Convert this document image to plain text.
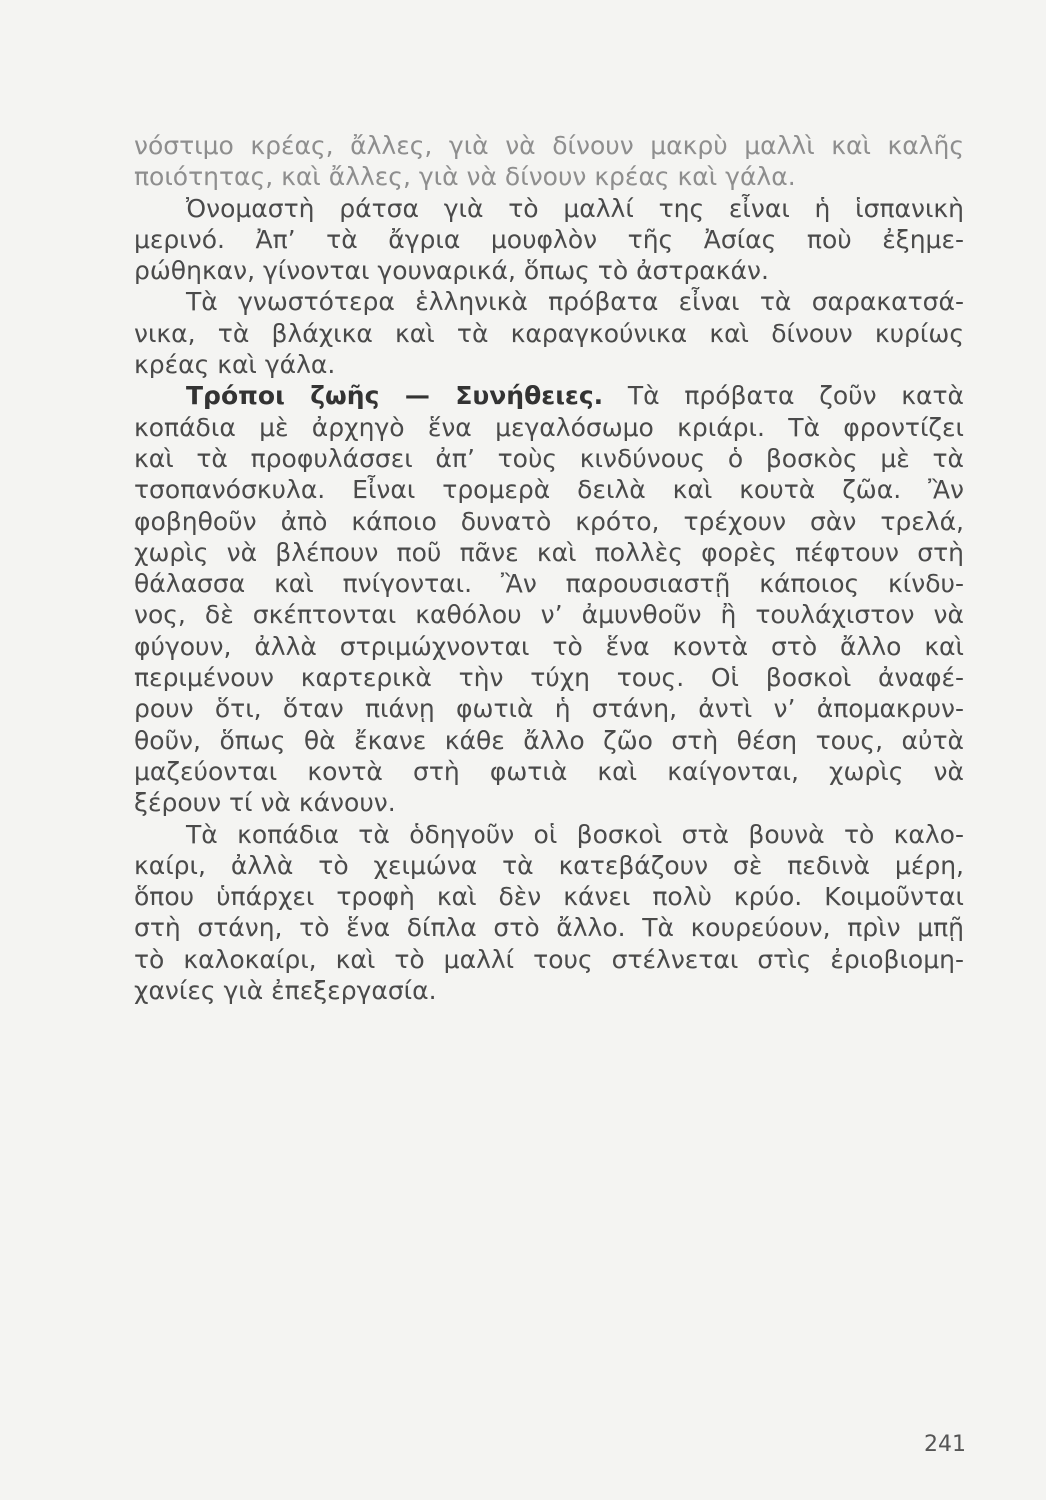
νόστιμο κρέας, ἄλλες, γιὰ νὰ δίνουν μακρὺ μαλλὶ καὶ καλῆς
ποιότητας, καὶ ἄλλες, γιὰ νὰ δίνουν κρέας καὶ γάλα.
Ὀνομαστὴ ράτσα γιὰ τὸ μαλλί της εἶναι ἡ ἱσπανικὴ
μερινό. Ἀπ’ τὰ ἄγρια μουφλὸν τῆς Ἀσίας ποὺ ἐξημε-
ρώθηκαν, γίνονται γουναρικά, ὅπως τὸ ἀστρακάν.
Τὰ γνωστότερα ἑλληνικὰ πρόβατα εἶναι τὰ σαρακατσά-
νικα, τὰ βλάχικα καὶ τὰ καραγκούνικα καὶ δίνουν κυρίως
κρέας καὶ γάλα.
Τρόποι ζωῆς — Συνήθειες. Τὰ πρόβατα ζοῦν κατὰ
κοπάδια μὲ ἀρχηγὸ ἕνα μεγαλόσωμο κριάρι. Τὰ φροντίζει
καὶ τὰ προφυλάσσει ἀπ’ τοὺς κινδύνους ὁ βοσκὸς μὲ τὰ
τσοπανόσκυλα. Εἶναι τρομερὰ δειλὰ καὶ κουτὰ ζῶα. Ἂν
φοβηθοῦν ἀπὸ κάποιο δυνατὸ κρότο, τρέχουν σὰν τρελά,
χωρὶς νὰ βλέπουν ποῦ πᾶνε καὶ πολλὲς φορὲς πέφτουν στὴ
θάλασσα καὶ πνίγονται. Ἂν παρουσιαστῇ κάποιος κίνδυ-
νος, δὲ σκέπτονται καθόλου ν’ ἀμυνθοῦν ἢ τουλάχιστον νὰ
φύγουν, ἀλλὰ στριμώχνονται τὸ ἕνα κοντὰ στὸ ἄλλο καὶ
περιμένουν καρτερικὰ τὴν τύχη τους. Οἱ βοσκοὶ ἀναφέ-
ρουν ὅτι, ὅταν πιάνῃ φωτιὰ ἡ στάνη, ἀντὶ ν’ ἀπομακρυν-
θοῦν, ὅπως θὰ ἔκανε κάθε ἄλλο ζῶο στὴ θέση τους, αὐτὰ
μαζεύονται κοντὰ στὴ φωτιὰ καὶ καίγονται, χωρὶς νὰ
ξέρουν τί νὰ κάνουν.
Τὰ κοπάδια τὰ ὁδηγοῦν οἱ βοσκοὶ στὰ βουνὰ τὸ καλο-
καίρι, ἀλλὰ τὸ χειμώνα τὰ κατεβάζουν σὲ πεδινὰ μέρη,
ὅπου ὑπάρχει τροφὴ καὶ δὲν κάνει πολὺ κρύο. Κοιμοῦνται
στὴ στάνη, τὸ ἕνα δίπλα στὸ ἄλλο. Τὰ κουρεύουν, πρὶν μπῇ
τὸ καλοκαίρι, καὶ τὸ μαλλί τους στέλνεται στὶς ἐριοβιομη-
χανίες γιὰ ἐπεξεργασία.
241
